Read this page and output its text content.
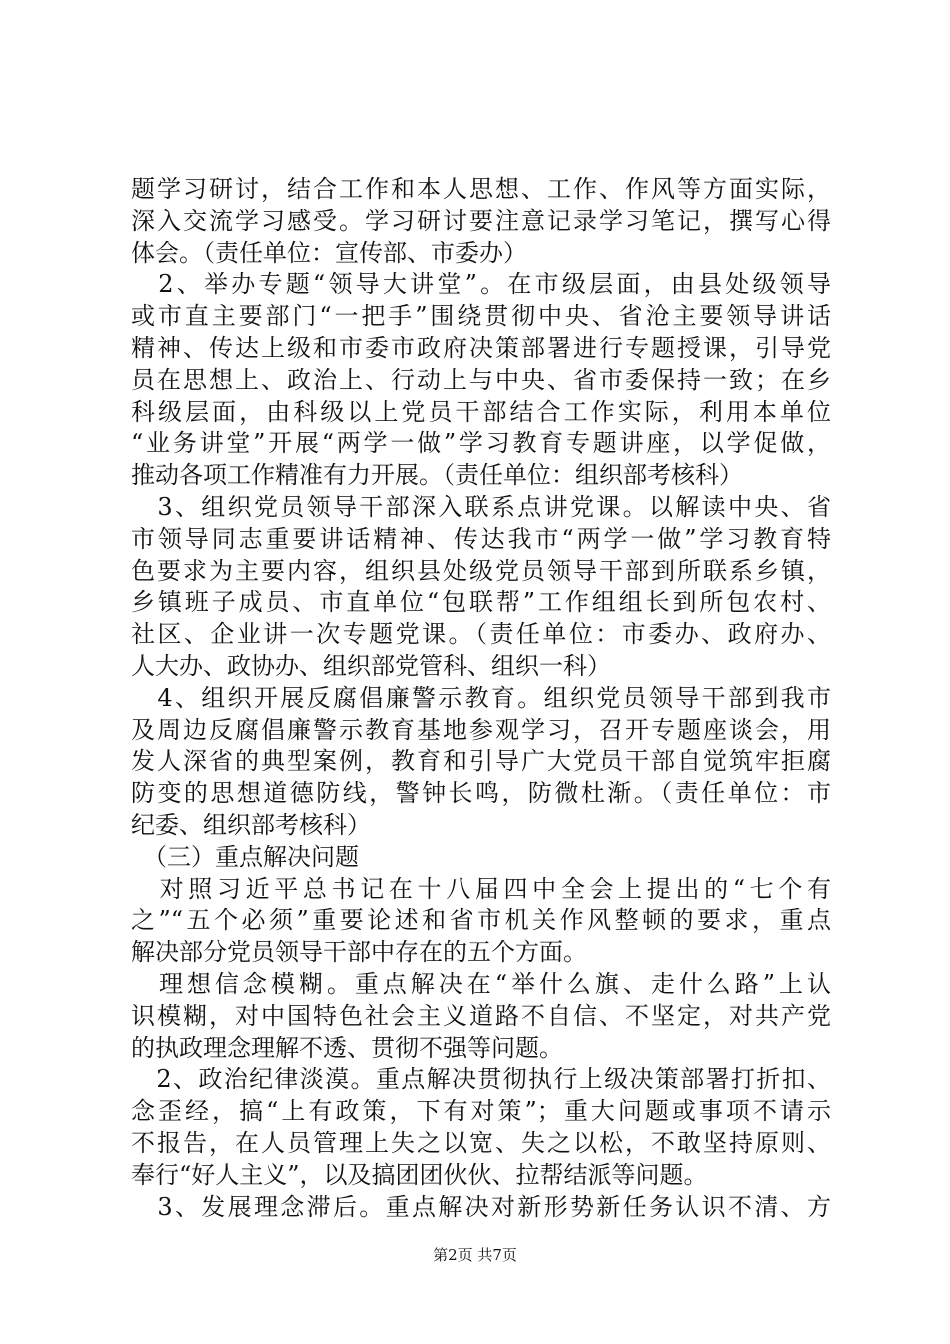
题学习研讨，结合工作和本人思想、工作、作风等方面实际，
深入交流学习感受。学习研讨要注意记录学习笔记，撰写心得
体会。（责任单位：宣传部、市委办）
　2、举办专题“领导大讲堂”。在市级层面，由县处级领导
或市直主要部门“一把手”围绕贯彻中央、省沧主要领导讲话
精神、传达上级和市委市政府决策部署进行专题授课，引导党
员在思想上、政治上、行动上与中央、省市委保持一致；在乡
科级层面，由科级以上党员干部结合工作实际，利用本单位
“业务讲堂”开展“两学一做”学习教育专题讲座，以学促做，
推动各项工作精准有力开展。（责任单位：组织部考核科）
　3、组织党员领导干部深入联系点讲党课。以解读中央、省
市领导同志重要讲话精神、传达我市“两学一做”学习教育特
色要求为主要内容，组织县处级党员领导干部到所联系乡镇，
乡镇班子成员、市直单位“包联帮”工作组组长到所包农村、
社区、企业讲一次专题党课。（责任单位：市委办、政府办、
人大办、政协办、组织部党管科、组织一科）
　4、组织开展反腐倡廉警示教育。组织党员领导干部到我市
及周边反腐倡廉警示教育基地参观学习，召开专题座谈会，用
发人深省的典型案例，教育和引导广大党员干部自觉筑牢拒腐
防变的思想道德防线，警钟长鸣，防微杜渐。（责任单位：市
纪委、组织部考核科）
　（三）重点解决问题
　对照习近平总书记在十八届四中全会上提出的“七个有
之”“五个必须”重要论述和省市机关作风整顿的要求，重点
解决部分党员领导干部中存在的五个方面。
　理想信念模糊。重点解决在“举什么旗、走什么路”上认
识模糊，对中国特色社会主义道路不自信、不坚定，对共产党
的执政理念理解不透、贯彻不强等问题。
　2、政治纪律淡漠。重点解决贯彻执行上级决策部署打折扣、
念歪经，搞“上有政策，下有对策”；重大问题或事项不请示
不报告，在人员管理上失之以宽、失之以松，不敢坚持原则、
奉行“好人主义”，以及搞团团伙伙、拉帮结派等问题。
　3、发展理念滞后。重点解决对新形势新任务认识不清、方
第2页 共7页
